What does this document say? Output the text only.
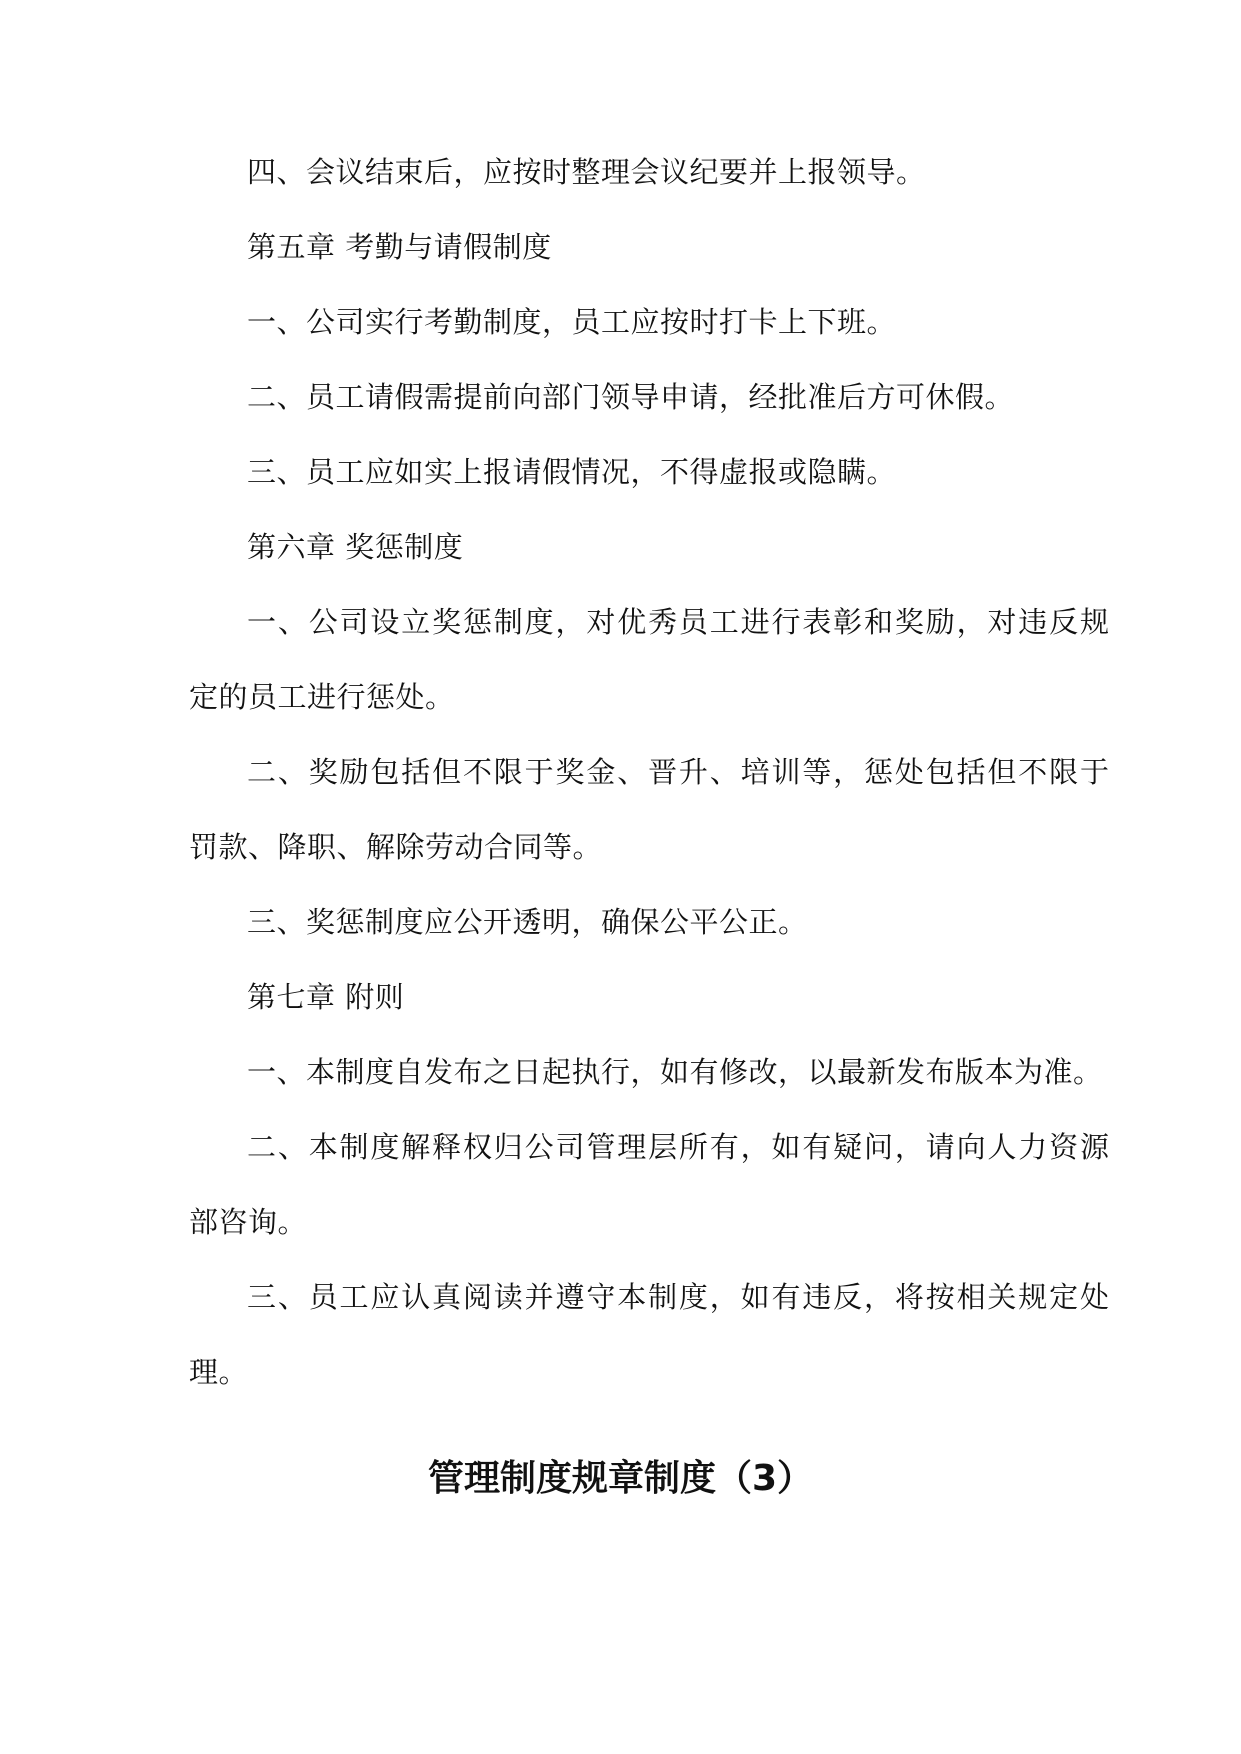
四、会议结束后，应按时整理会议纪要并上报领导。
第五章 考勤与请假制度
一、公司实行考勤制度，员工应按时打卡上下班。
二、员工请假需提前向部门领导申请，经批准后方可休假。
三、员工应如实上报请假情况，不得虚报或隐瞒。
第六章 奖惩制度
一、公司设立奖惩制度，对优秀员工进行表彰和奖励，对违反规
定的员工进行惩处。
二、奖励包括但不限于奖金、晋升、培训等，惩处包括但不限于
罚款、降职、解除劳动合同等。
三、奖惩制度应公开透明，确保公平公正。
第七章 附则
一、本制度自发布之日起执行，如有修改，以最新发布版本为准。
二、本制度解释权归公司管理层所有，如有疑问，请向人力资源
部咨询。
三、员工应认真阅读并遵守本制度，如有违反，将按相关规定处
理。
管理制度规章制度（3）
